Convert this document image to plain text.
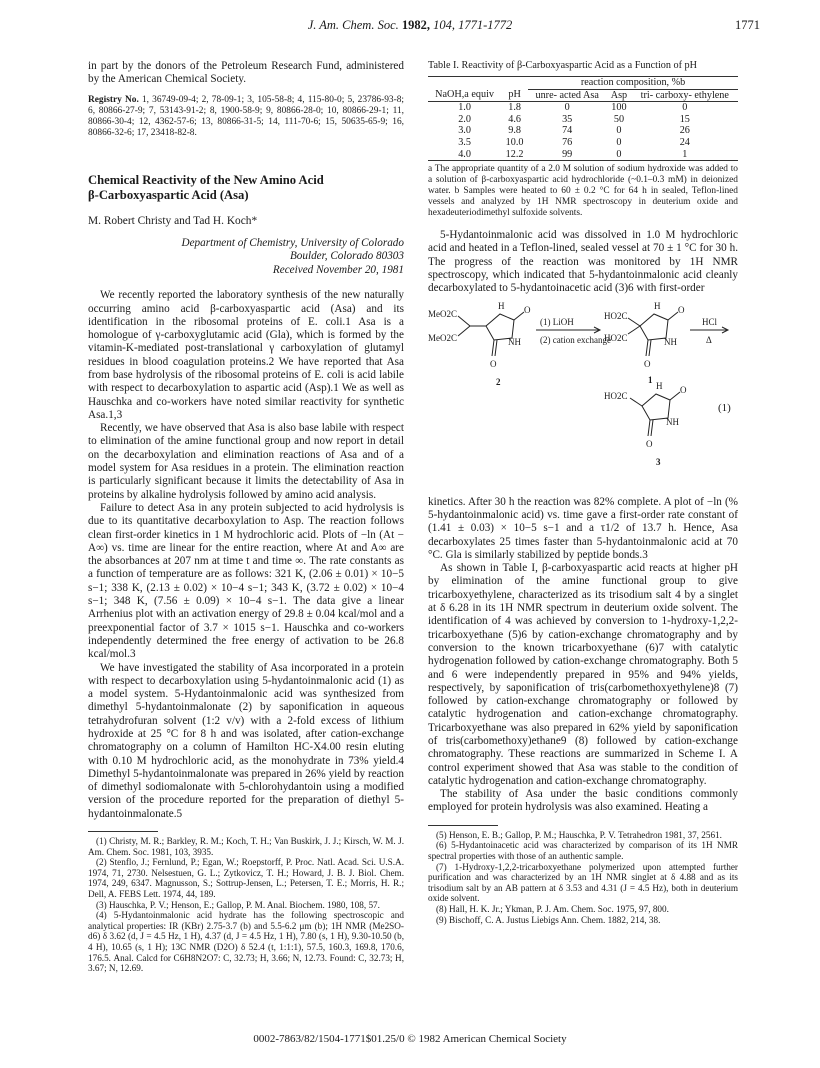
J. Am. Chem. Soc. 1982, 104, 1771-1772	1771

in part by the donors of the Petroleum Research Fund, administered by the American Chemical Society.

Registry No. 1, 36749-09-4; 2, 78-09-1; 3, 105-58-8; 4, 115-80-0; 5, 23786-93-8; 6, 80866-27-9; 7, 53143-91-2; 8, 1900-58-9; 9, 80866-28-0; 10, 80866-29-1; 11, 80866-30-4; 12, 4362-57-6; 13, 80866-31-5; 14, 111-70-6; 15, 50635-65-9; 16, 80866-32-6; 17, 23418-82-8.

Chemical Reactivity of the New Amino Acid
β-Carboxyaspartic Acid (Asa)

M. Robert Christy and Tad H. Koch*

Department of Chemistry, University of Colorado
Boulder, Colorado 80303
Received November 20, 1981

We recently reported the laboratory synthesis of the new naturally occurring amino acid β-carboxyaspartic acid (Asa) and its identification in the ribosomal proteins of E. coli.1 Asa is a homologue of γ-carboxyglutamic acid (Gla), which is formed by the vitamin-K-mediated post-translational γ carboxylation of glutamyl residues in blood coagulation proteins.2 We have reported that Asa from base hydrolysis of the ribosomal proteins of E. coli is acid labile with respect to decarboxylation to aspartic acid (Asp).1 We as well as Hauschka and co-workers have noted similar reactivity for synthetic Asa.1,3

Recently, we have observed that Asa is also base labile with respect to elimination of the amine functional group and now report in detail on the decarboxylation and elimination reactions of Asa and of a model system for Asa residues in a protein. The elimination reaction is particularly significant because it limits the detectability of Asa in proteins by alkaline hydrolysis followed by amino acid analysis.

Failure to detect Asa in any protein subjected to acid hydrolysis is due to its quantitative decarboxylation to Asp. The reaction follows clean first-order kinetics in 1 M hydrochloric acid. Plots of −ln (At − A∞) vs. time are linear for the entire reaction, where At and A∞ are the absorbances at 207 nm at time t and time ∞. The rate constants as a function of temperature are as follows: 321 K, (2.06 ± 0.01) × 10−5 s−1; 338 K, (2.13 ± 0.02) × 10−4 s−1; 343 K, (3.72 ± 0.02) × 10−4 s−1; 348 K, (7.56 ± 0.09) × 10−4 s−1. The data give a linear Arrhenius plot with an activation energy of 29.8 ± 0.04 kcal/mol and a preexponential factor of 3.7 × 1015 s−1. Hauschka and co-workers independently determined the free energy of activation to be 26.8 kcal/mol.3

We have investigated the stability of Asa incorporated in a protein with respect to decarboxylation using 5-hydantoinmalonic acid (1) as a model system. 5-Hydantoinmalonic acid was synthesized from dimethyl 5-hydantoinmalonate (2) by saponification in aqueous tetrahydrofuran solvent (1:2 v/v) with a 2-fold excess of lithium hydroxide at 25 °C for 8 h and was isolated, after cation-exchange chromatography on a column of Hamilton HC-X4.00 resin eluting with 0.10 M hydrochloric acid, as the monohydrate in 73% yield.4 Dimethyl 5-hydantoinmalonate was prepared in 26% yield by reaction of dimethyl sodiomalonate with 5-chlorohydantoin using a modified version of the procedure reported for the preparation of diethyl 5-hydantoinmalonate.5

(1) Christy, M. R.; Barkley, R. M.; Koch, T. H.; Van Buskirk, J. J.; Kirsch, W. M. J. Am. Chem. Soc. 1981, 103, 3935.

(2) Stenflo, J.; Fernlund, P.; Egan, W.; Roepstorff, P. Proc. Natl. Acad. Sci. U.S.A. 1974, 71, 2730. Nelsestuen, G. L.; Zytkovicz, T. H.; Howard, J. B. J. Biol. Chem. 1974, 249, 6347. Magnusson, S.; Sottrup-Jensen, L.; Petersen, T. E.; Morris, H. R.; Dell, A. FEBS Lett. 1974, 44, 189.

(3) Hauschka, P. V.; Henson, E.; Gallop, P. M. Anal. Biochem. 1980, 108, 57.

(4) 5-Hydantoinmalonic acid hydrate has the following spectroscopic and analytical properties: IR (KBr) 2.75-3.7 (b) and 5.5-6.2 μm (b); 1H NMR (Me2SO-d6) δ 3.62 (d, J = 4.5 Hz, 1 H), 4.37 (d, J = 4.5 Hz, 1 H), 7.80 (s, 1 H), 9.30-10.50 (b, 4 H), 10.65 (s, 1 H); 13C NMR (D2O) δ 52.4 (t, 1:1:1), 57.5, 160.3, 169.8, 170.6, 176.5. Anal. Calcd for C6H8N2O7: C, 32.73; H, 3.66; N, 12.73. Found: C, 32.73; H, 3.67; N, 12.69.

Table I. Reactivity of β-Carboxyaspartic Acid as a Function of pH
		reaction composition, %b		
NaOH,a equiv	pH	unre- acted Asa	Asp	tri- carboxy- ethylene
1.0	1.8	0	100	0
2.0	4.6	35	50	15
3.0	9.8	74	0	26
3.5	10.0	76	0	24
4.0	12.2	99	0	1
a The appropriate quantity of a 2.0 M solution of sodium hydroxide was added to a solution of β-carboxyaspartic acid hydrochloride (~0.1–0.3 mM) in deionized water. b Samples were heated to 60 ± 0.2 °C for 64 h in sealed, Teflon-lined vessels and analyzed by 1H NMR spectroscopy in deuterium oxide and hexadeuteriodimethyl sulfoxide solvents.

5-Hydantoinmalonic acid was dissolved in 1.0 M hydrochloric acid and heated in a Teflon-lined, sealed vessel at 70 ± 1 °C for 30 h. The progress of the reaction was monitored by 1H NMR spectroscopy, which indicated that 5-hydantoinmalonic acid cleanly decarboxylated to 5-hydantoinacetic acid (3)6 with first-order

MeO2C
MeO2C
H O
NH
O
(1) LiOH
(2) cation exchange
HO2C
HO2C
H O
NH
O
HCl
Δ
2	1
HO2C
H O
NH
O
(1)
3

kinetics. After 30 h the reaction was 82% complete. A plot of −ln (% 5-hydantoinmalonic acid) vs. time gave a first-order rate constant of (1.41 ± 0.03) × 10−5 s−1 and a τ1/2 of 13.7 h. Hence, Asa decarboxylates 25 times faster than 5-hydantoinmalonic acid at 70 °C. Gla is similarly stabilized by peptide bonds.3

As shown in Table I, β-carboxyaspartic acid reacts at higher pH by elimination of the amine functional group to give tricarboxyethylene, characterized as its trisodium salt 4 by a singlet at δ 6.28 in its 1H NMR spectrum in deuterium oxide solvent. The identification of 4 was achieved by conversion to 1-hydroxy-1,2,2-tricarboxyethane (5)6 by cation-exchange chromatography and by conversion to the known tricarboxyethane (6)7 with catalytic hydrogenation followed by cation-exchange chromatography. Both 5 and 6 were independently prepared in 95% and 94% yields, respectively, by saponification of tris(carbomethoxyethylene)8 (7) followed by cation-exchange chromatography or followed by catalytic hydrogenation and cation-exchange chromatography. Tricarboxyethane was also prepared in 62% yield by saponification of tris(carbomethoxy)ethane9 (8) followed by cation-exchange chromatography. These reactions are summarized in Scheme I. A control experiment showed that Asa was stable to the condition of catalytic hydrogenation and cation-exchange chromatography.

The stability of Asa under the basic conditions commonly employed for protein hydrolysis was also examined. Heating a

(5) Henson, E. B.; Gallop, P. M.; Hauschka, P. V. Tetrahedron 1981, 37, 2561.

(6) 5-Hydantoinacetic acid was characterized by comparison of its 1H NMR spectral properties with those of an authentic sample.

(7) 1-Hydroxy-1,2,2-tricarboxyethane polymerized upon attempted further purification and was characterized by an 1H NMR singlet at δ 4.88 and as its trisodium salt by an AB pattern at δ 3.53 and 4.31 (J = 4.5 Hz), both in deuterium oxide solvent.

(8) Hall, H. K. Jr.; Ykman, P. J. Am. Chem. Soc. 1975, 97, 800.

(9) Bischoff, C. A. Justus Liebigs Ann. Chem. 1882, 214, 38.

0002-7863/82/1504-1771$01.25/0 © 1982 American Chemical Society
